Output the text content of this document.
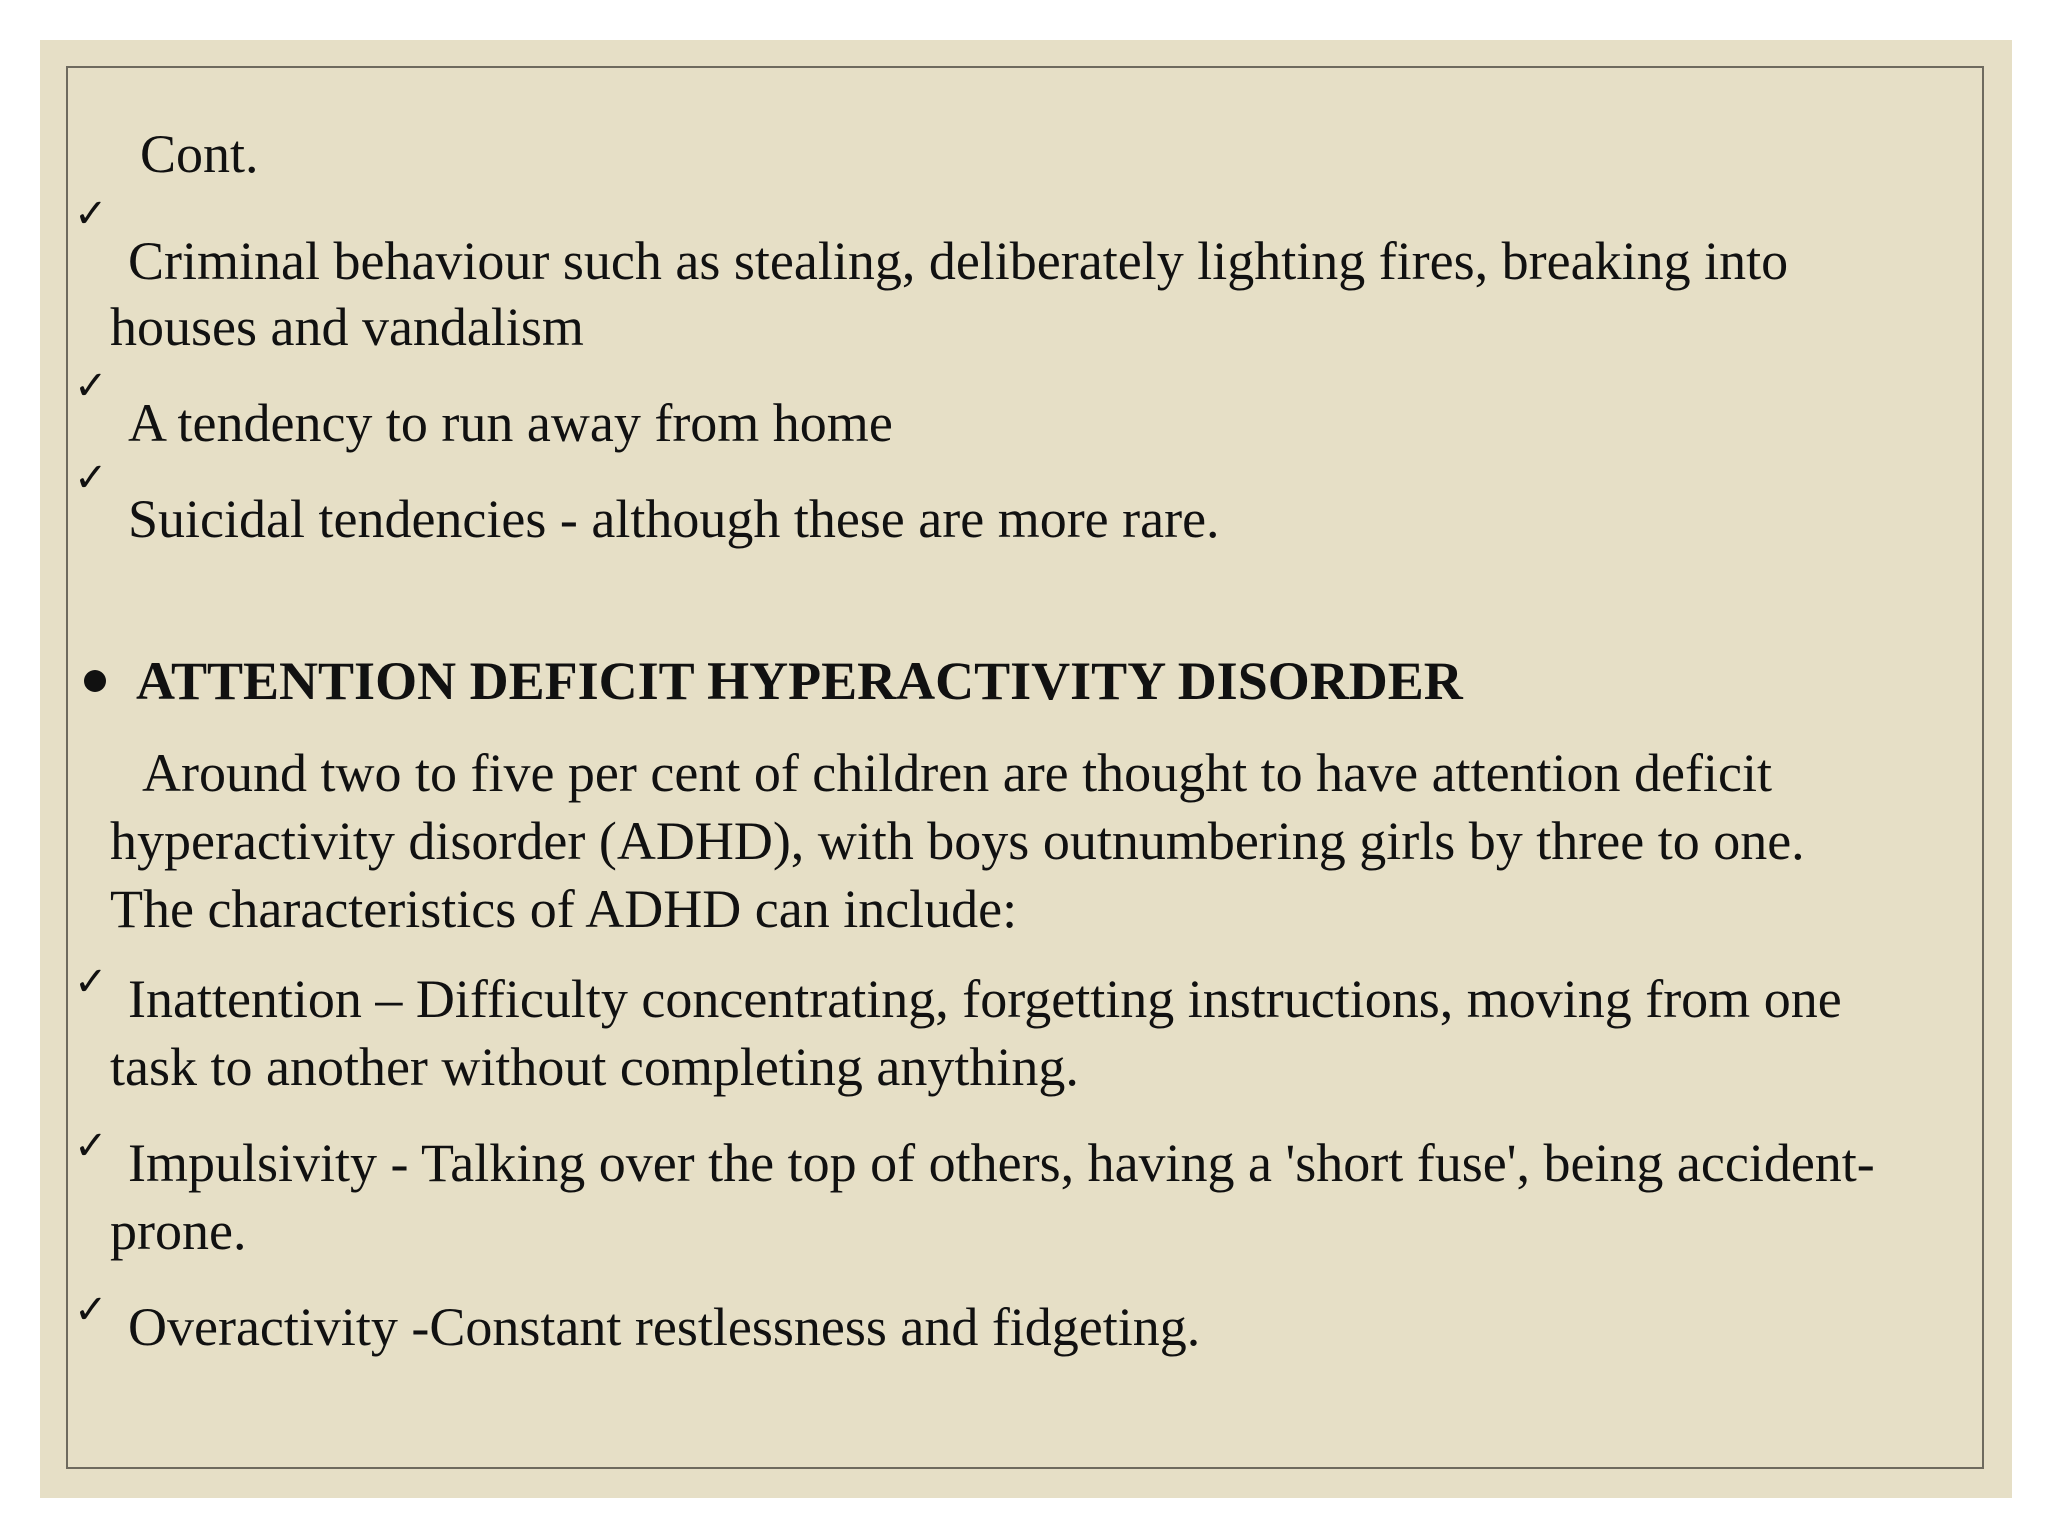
Cont.
✓
Criminal behaviour such as stealing, deliberately lighting fires, breaking into
houses and vandalism
✓
A tendency to run away from home
✓
Suicidal tendencies - although these are more rare.
ATTENTION DEFICIT HYPERACTIVITY DISORDER
Around two to five per cent of children are thought to have attention deficit
hyperactivity disorder (ADHD), with boys outnumbering girls by three to one.
The characteristics of ADHD can include:
✓ Inattention – Difficulty concentrating, forgetting instructions, moving from one
task to another without completing anything.
✓ Impulsivity - Talking over the top of others, having a 'short fuse', being accident-
prone.
✓ Overactivity -Constant restlessness and fidgeting.
